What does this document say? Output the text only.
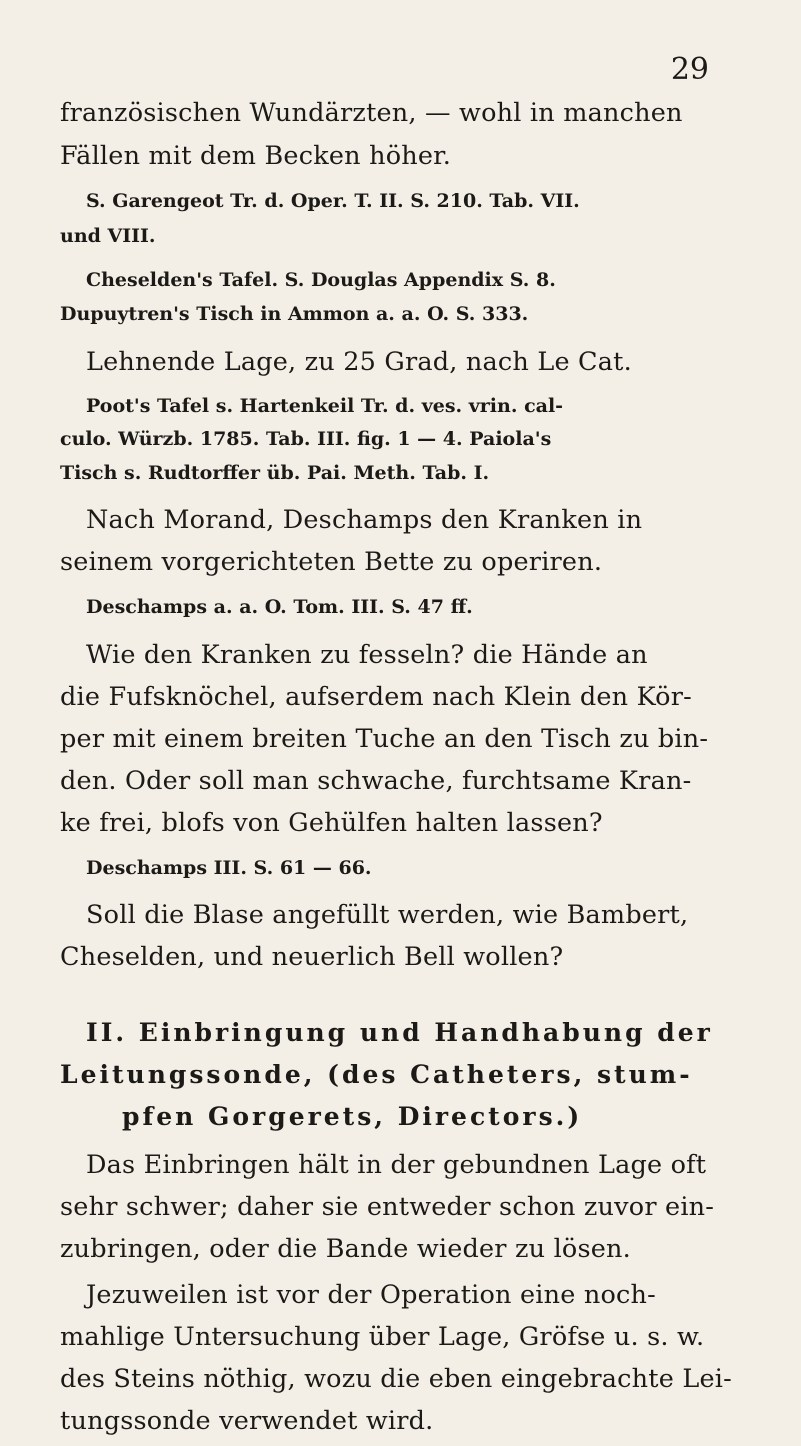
29
französischen Wundärzten, — wohl in manchen
Fällen mit dem Becken höher.
S. Garengeot Tr. d. Oper. T. II. S. 210. Tab. VII.
und VIII.
Cheselden's Tafel. S. Douglas Appendix S. 8.
Dupuytren's Tisch in Ammon a. a. O. S. 333.
Lehnende Lage, zu 25 Grad, nach Le Cat.
Poot's Tafel s. Hartenkeil Tr. d. ves. vrin. cal-
culo. Würzb. 1785. Tab. III. fig. 1 — 4. Paiola's
Tisch s. Rudtorffer üb. Pai. Meth. Tab. I.
Nach Morand, Deschamps den Kranken in
seinem vorgerichteten Bette zu operiren.
Deschamps a. a. O. Tom. III. S. 47 ff.
Wie den Kranken zu fesseln? die Hände an
die Fufsknöchel, aufserdem nach Klein den Kör-
per mit einem breiten Tuche an den Tisch zu bin-
den. Oder soll man schwache, furchtsame Kran-
ke frei, blofs von Gehülfen halten lassen?
Deschamps III. S. 61 — 66.
Soll die Blase angefüllt werden, wie Bambert,
Cheselden, und neuerlich Bell wollen?
II. Einbringung und Handhabung der
Leitungssonde, (des Catheters, stum-
pfen Gorgerets, Directors.)
Das Einbringen hält in der gebundnen Lage oft
sehr schwer; daher sie entweder schon zuvor ein-
zubringen, oder die Bande wieder zu lösen.
Jezuweilen ist vor der Operation eine noch-
mahlige Untersuchung über Lage, Gröfse u. s. w.
des Steins nöthig, wozu die eben eingebrachte Lei-
tungssonde verwendet wird.
